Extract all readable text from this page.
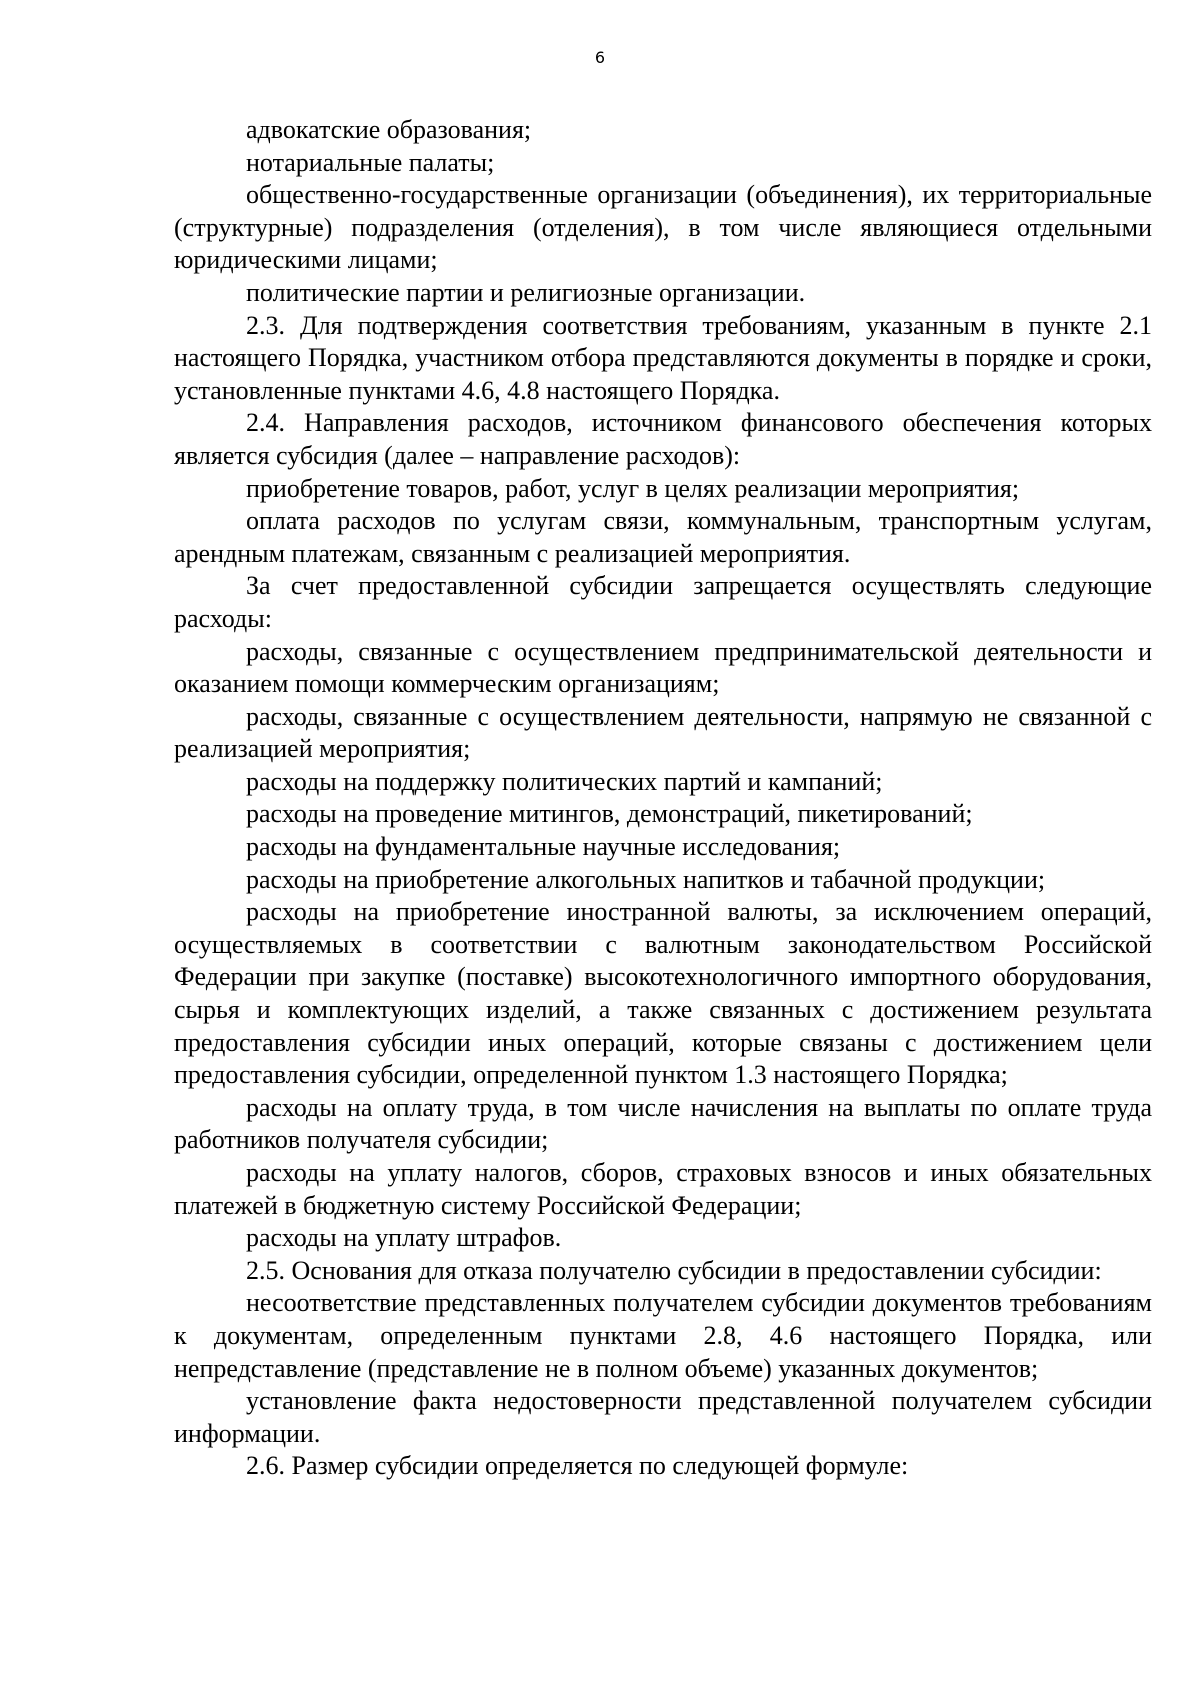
6

адвокатские образования;

нотариальные палаты;

общественно-государственные организации (объединения), их территориальные (структурные) подразделения (отделения), в том числе являющиеся отдельными юридическими лицами;

политические партии и религиозные организации.

2.3. Для подтверждения соответствия требованиям, указанным в пункте 2.1 настоящего Порядка, участником отбора представляются документы в порядке и сроки, установленные пунктами 4.6, 4.8 настоящего Порядка.

2.4. Направления расходов, источником финансового обеспечения которых является субсидия (далее – направление расходов):

приобретение товаров, работ, услуг в целях реализации мероприятия;

оплата расходов по услугам связи, коммунальным, транспортным услугам, арендным платежам, связанным с реализацией мероприятия.

За счет предоставленной субсидии запрещается осуществлять следующие расходы:

расходы, связанные с осуществлением предпринимательской деятельности и оказанием помощи коммерческим организациям;

расходы, связанные с осуществлением деятельности, напрямую не связанной с реализацией мероприятия;

расходы на поддержку политических партий и кампаний;

расходы на проведение митингов, демонстраций, пикетирований;

расходы на фундаментальные научные исследования;

расходы на приобретение алкогольных напитков и табачной продукции;

расходы на приобретение иностранной валюты, за исключением операций, осуществляемых в соответствии с валютным законодательством Российской Федерации при закупке (поставке) высокотехнологичного импортного оборудования, сырья и комплектующих изделий, а также связанных с достижением результата предоставления субсидии иных операций, которые связаны с достижением цели предоставления субсидии, определенной пунктом 1.3 настоящего Порядка;

расходы на оплату труда, в том числе начисления на выплаты по оплате труда работников получателя субсидии;

расходы на уплату налогов, сборов, страховых взносов и иных обязательных платежей в бюджетную систему Российской Федерации;

расходы на уплату штрафов.

2.5. Основания для отказа получателю субсидии в предоставлении субсидии:

несоответствие представленных получателем субсидии документов требованиям к документам, определенным пунктами 2.8, 4.6 настоящего Порядка, или непредставление (представление не в полном объеме) указанных документов;

установление факта недостоверности представленной получателем субсидии информации.

2.6. Размер субсидии определяется по следующей формуле:
